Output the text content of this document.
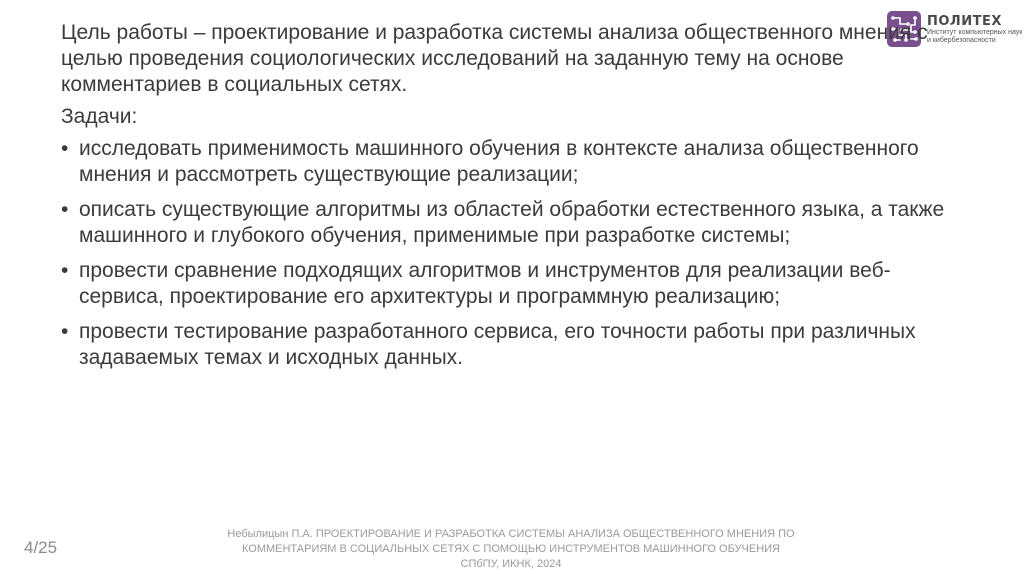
ПОЛИТЕХ
Институт компьютерных наук и кибербезопасности

Цель работы – проектирование и разработка системы анализа общественного мнения с целью проведения социологических исследований на заданную тему на основе комментариев в социальных сетях.

Задачи:

• исследовать применимость машинного обучения в контексте анализа общественного мнения и рассмотреть существующие реализации;
• описать существующие алгоритмы из областей обработки естественного языка, а также машинного и глубокого обучения, применимые при разработке системы;
• провести сравнение подходящих алгоритмов и инструментов для реализации веб-сервиса, проектирование его архитектуры и программную реализацию;
• провести тестирование разработанного сервиса, его точности работы при различных задаваемых темах и исходных данных.
4/25
Небылицын П.А. ПРОЕКТИРОВАНИЕ И РАЗРАБОТКА СИСТЕМЫ АНАЛИЗА ОБЩЕСТВЕННОГО МНЕНИЯ ПО
КОММЕНТАРИЯМ В СОЦИАЛЬНЫХ СЕТЯХ С ПОМОЩЬЮ ИНСТРУМЕНТОВ МАШИННОГО ОБУЧЕНИЯ
СПбПУ, ИКНК, 2024
